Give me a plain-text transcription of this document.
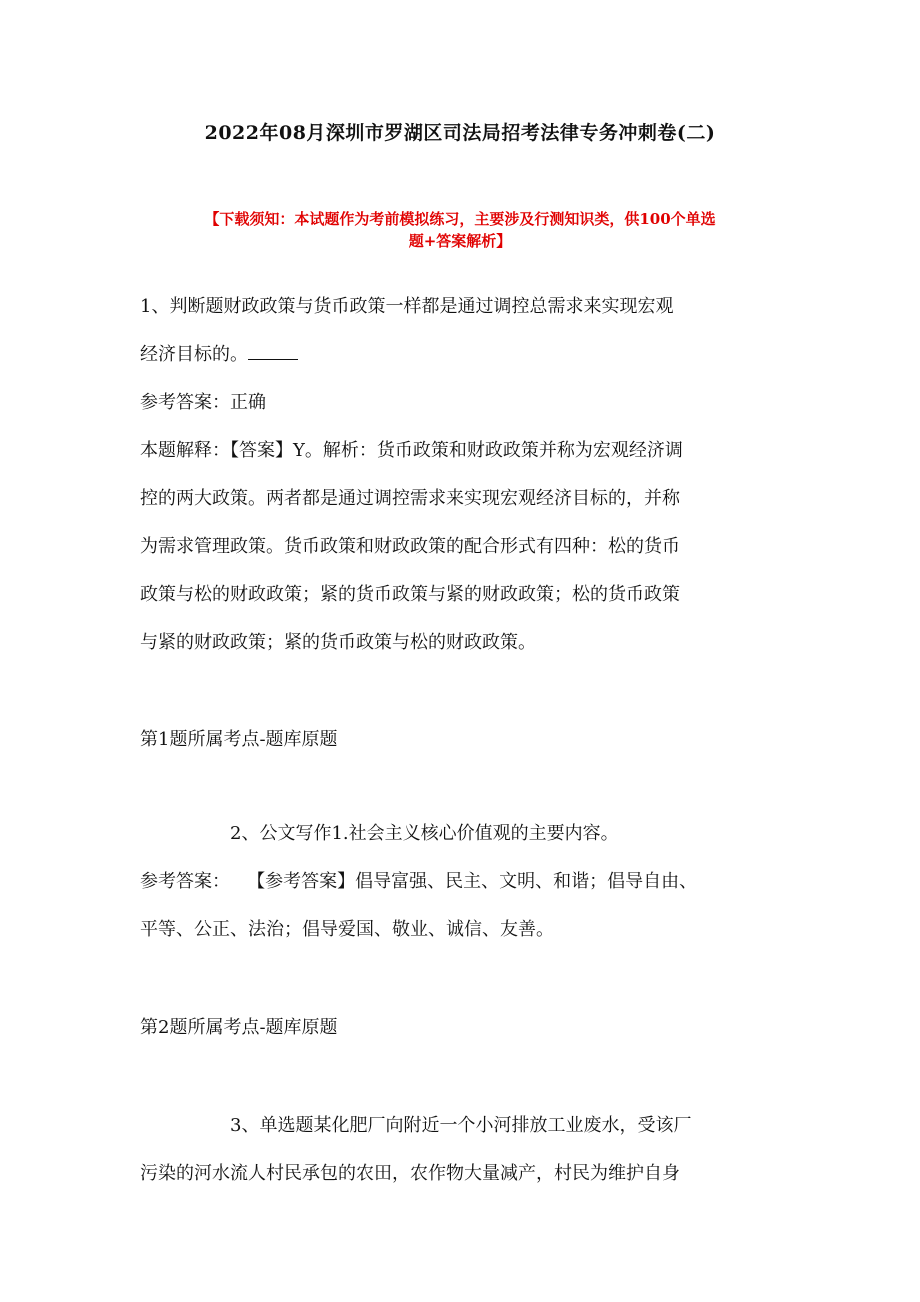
2022年08月深圳市罗湖区司法局招考法律专务冲刺卷(二)
【下载须知：本试题作为考前模拟练习，主要涉及行测知识类，供100个单选
题+答案解析】
1、判断题财政政策与货币政策一样都是通过调控总需求来实现宏观
经济目标的。
参考答案：正确
本题解释：【答案】Y。解析：货币政策和财政政策并称为宏观经济调
控的两大政策。两者都是通过调控需求来实现宏观经济目标的，并称
为需求管理政策。货币政策和财政政策的配合形式有四种：松的货币
政策与松的财政政策；紧的货币政策与紧的财政政策；松的货币政策
与紧的财政政策；紧的货币政策与松的财政政策。
第1题所属考点-题库原题
2、公文写作1.社会主义核心价值观的主要内容。
参考答案：   【参考答案】倡导富强、民主、文明、和谐；倡导自由、
平等、公正、法治；倡导爱国、敬业、诚信、友善。
第2题所属考点-题库原题
3、单选题某化肥厂向附近一个小河排放工业废水，受该厂
污染的河水流人村民承包的农田，农作物大量减产，村民为维护自身
